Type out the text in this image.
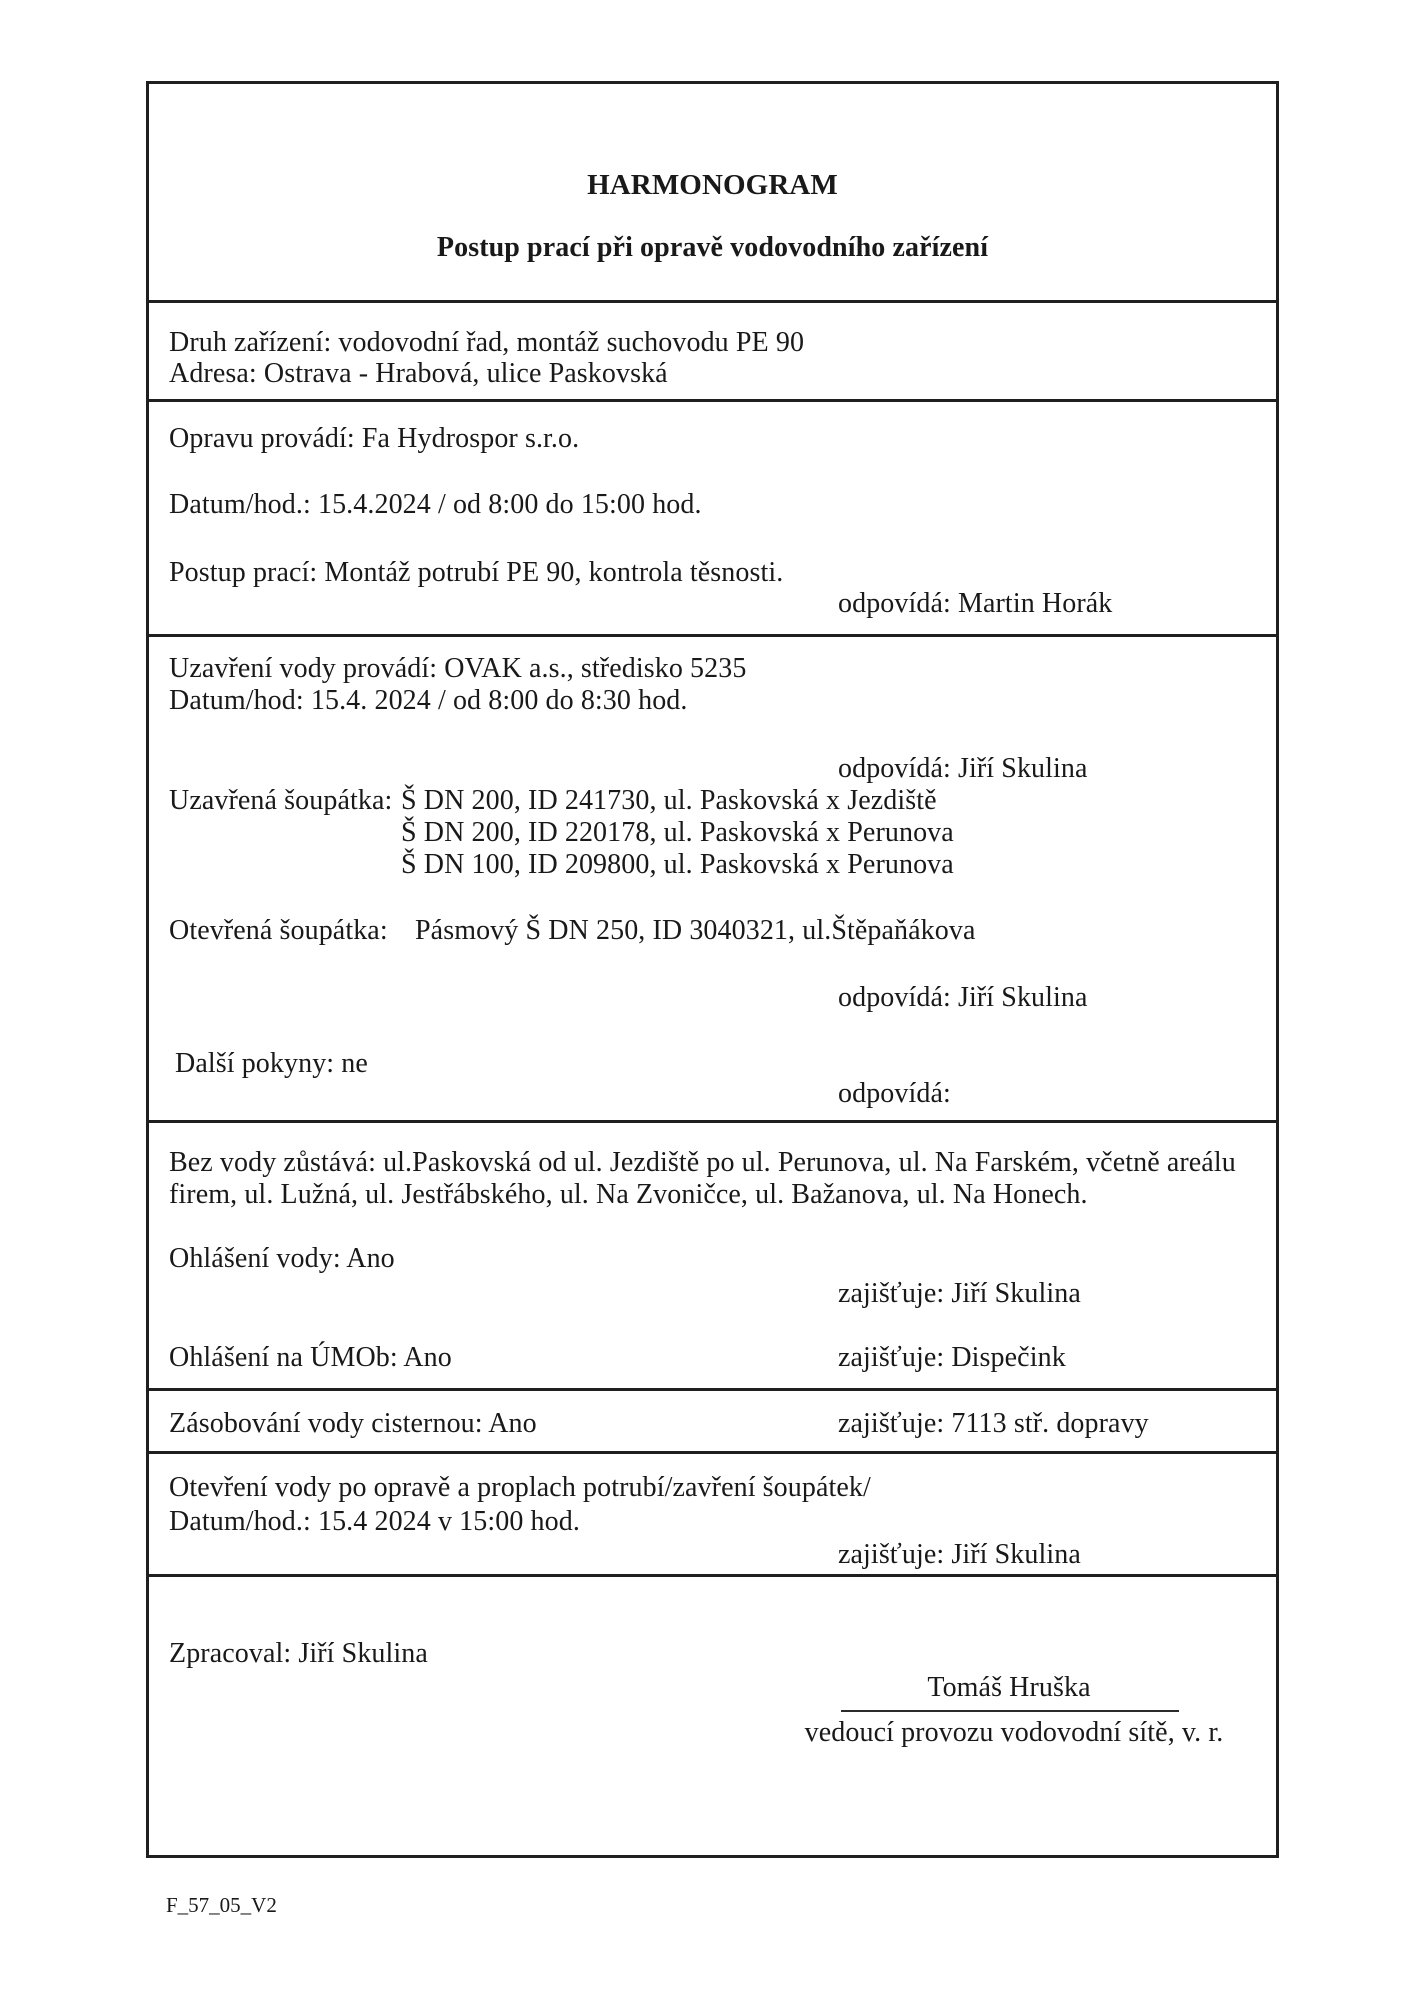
HARMONOGRAM
Postup prací při opravě vodovodního zařízení
Druh zařízení: vodovodní řad, montáž suchovodu PE 90
Adresa: Ostrava - Hrabová, ulice Paskovská
Opravu provádí: Fa Hydrospor s.r.o.
Datum/hod.: 15.4.2024 / od 8:00 do 15:00 hod.
Postup prací: Montáž potrubí PE 90, kontrola těsnosti.
odpovídá: Martin Horák
Uzavření vody provádí: OVAK a.s., středisko 5235
Datum/hod: 15.4. 2024 / od 8:00 do 8:30 hod.
odpovídá: Jiří Skulina
Uzavřená šoupátka: Š DN 200, ID 241730, ul. Paskovská x Jezdiště
Š DN 200, ID 220178, ul. Paskovská x Perunova
Š DN 100, ID 209800, ul. Paskovská x Perunova
Otevřená šoupátka: Pásmový Š DN 250, ID 3040321, ul.Štěpaňákova
odpovídá: Jiří Skulina
Další pokyny: ne
odpovídá:
Bez vody zůstává: ul.Paskovská od ul. Jezdiště po ul. Perunova, ul. Na Farském, včetně areálu
firem, ul. Lužná, ul. Jestřábského, ul. Na Zvoničce, ul. Bažanova, ul. Na Honech.
Ohlášení vody: Ano
zajišťuje: Jiří Skulina
Ohlášení na ÚMOb: Ano	zajišťuje: Dispečink
Zásobování vody cisternou: Ano	zajišťuje: 7113 stř. dopravy
Otevření vody po opravě a proplach potrubí/zavření šoupátek/
Datum/hod.: 15.4 2024 v 15:00 hod.
zajišťuje: Jiří Skulina
Zpracoval: Jiří Skulina
Tomáš Hruška
vedoucí provozu vodovodní sítě, v. r.
F_57_05_V2
